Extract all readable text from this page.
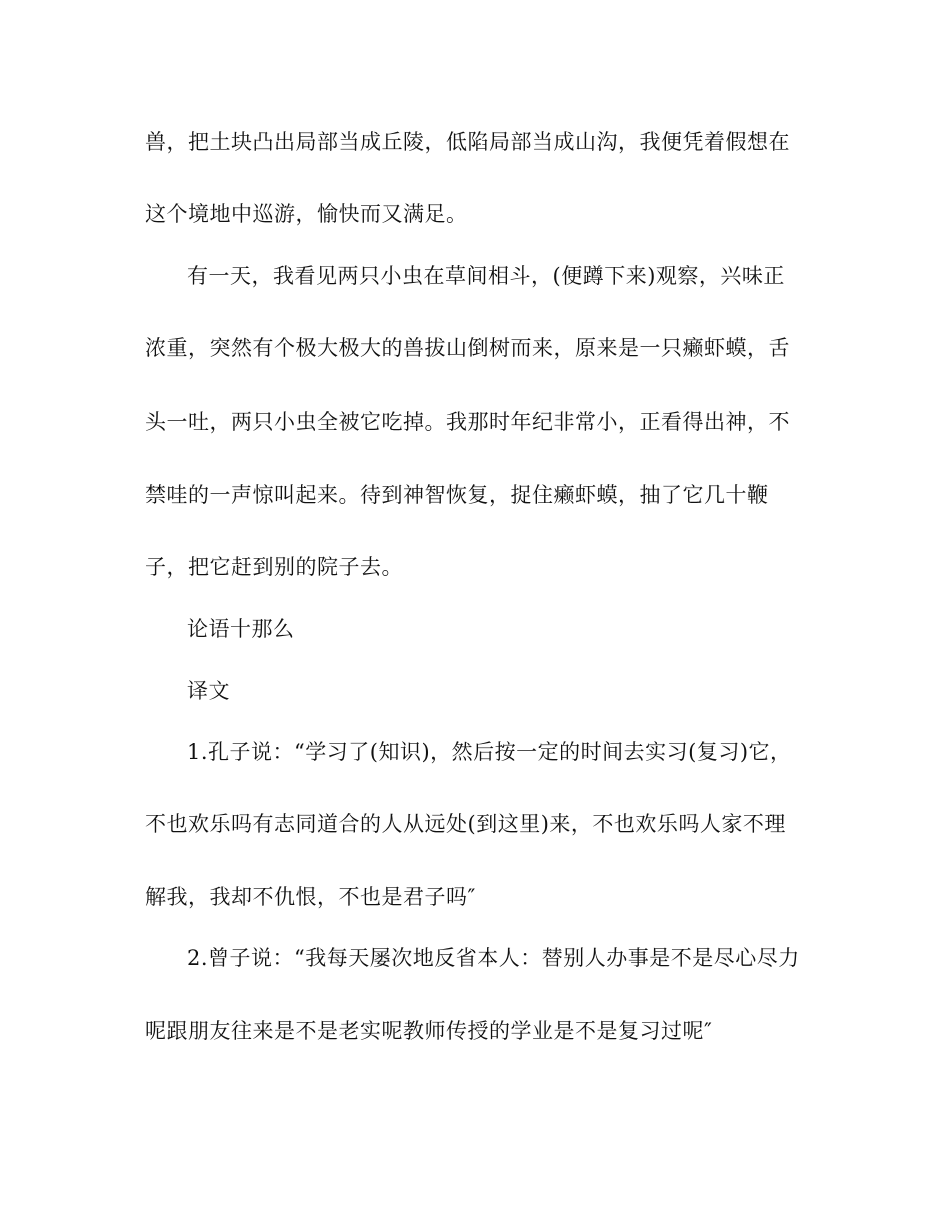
兽，把土块凸出局部当成丘陵，低陷局部当成山沟，我便凭着假想在
这个境地中巡游，愉快而又满足。
有一天，我看见两只小虫在草间相斗，(便蹲下来)观察，兴味正
浓重，突然有个极大极大的兽拔山倒树而来，原来是一只癞虾蟆，舌
头一吐，两只小虫全被它吃掉。我那时年纪非常小，正看得出神，不
禁哇的一声惊叫起来。待到神智恢复，捉住癞虾蟆，抽了它几十鞭
子，把它赶到别的院子去。
论语十那么
译文
1.孔子说：“学习了(知识)，然后按一定的时间去实习(复习)它，
不也欢乐吗有志同道合的人从远处(到这里)来，不也欢乐吗人家不理
解我，我却不仇恨，不也是君子吗″
2.曾子说：“我每天屡次地反省本人：替别人办事是不是尽心尽力
呢跟朋友往来是不是老实呢教师传授的学业是不是复习过呢″
